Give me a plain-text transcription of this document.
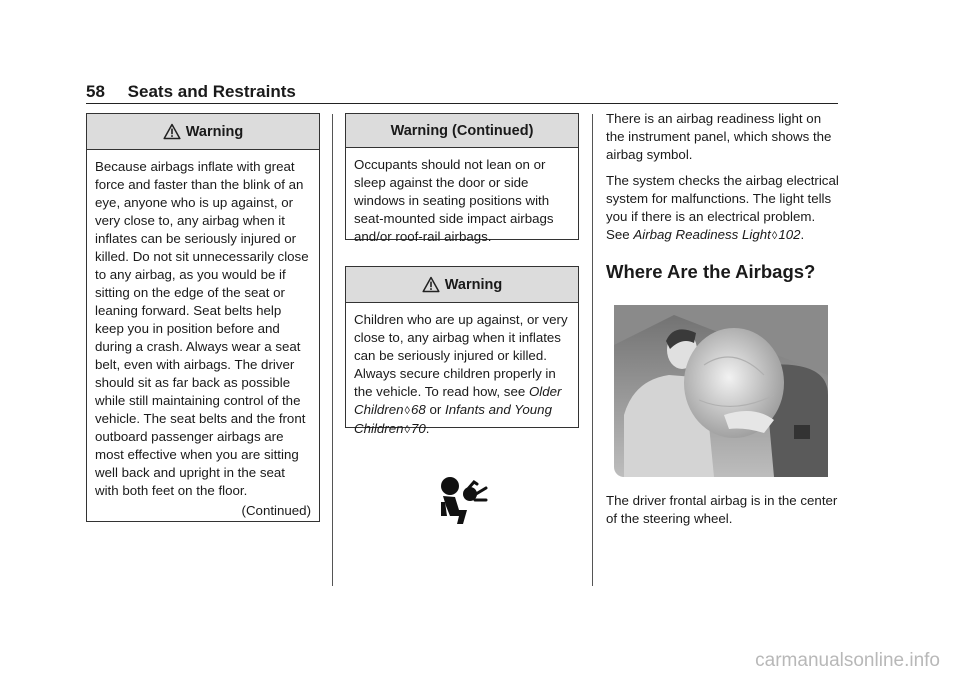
58 Seats and Restraints
Warning
Because airbags inflate with great force and faster than the blink of an eye, anyone who is up against, or very close to, any airbag when it inflates can be seriously injured or killed. Do not sit unnecessarily close to any airbag, as you would be if sitting on the edge of the seat or leaning forward. Seat belts help keep you in position before and during a crash. Always wear a seat belt, even with airbags. The driver should sit as far back as possible while still maintaining control of the vehicle. The seat belts and the front outboard passenger airbags are most effective when you are sitting well back and upright in the seat with both feet on the floor.
(Continued)
Warning (Continued)
Occupants should not lean on or sleep against the door or side windows in seating positions with seat-mounted side impact airbags and/or roof-rail airbags.
Warning
Children who are up against, or very close to, any airbag when it inflates can be seriously injured or killed. Always secure children properly in the vehicle. To read how, see Older Children◊68 or Infants and Young Children◊70.

There is an airbag readiness light on the instrument panel, which shows the airbag symbol.

The system checks the airbag electrical system for malfunctions. The light tells you if there is an electrical problem. See Airbag Readiness Light◊102.

Where Are the Airbags?

The driver frontal airbag is in the center of the steering wheel.

carmanualsonline.info
